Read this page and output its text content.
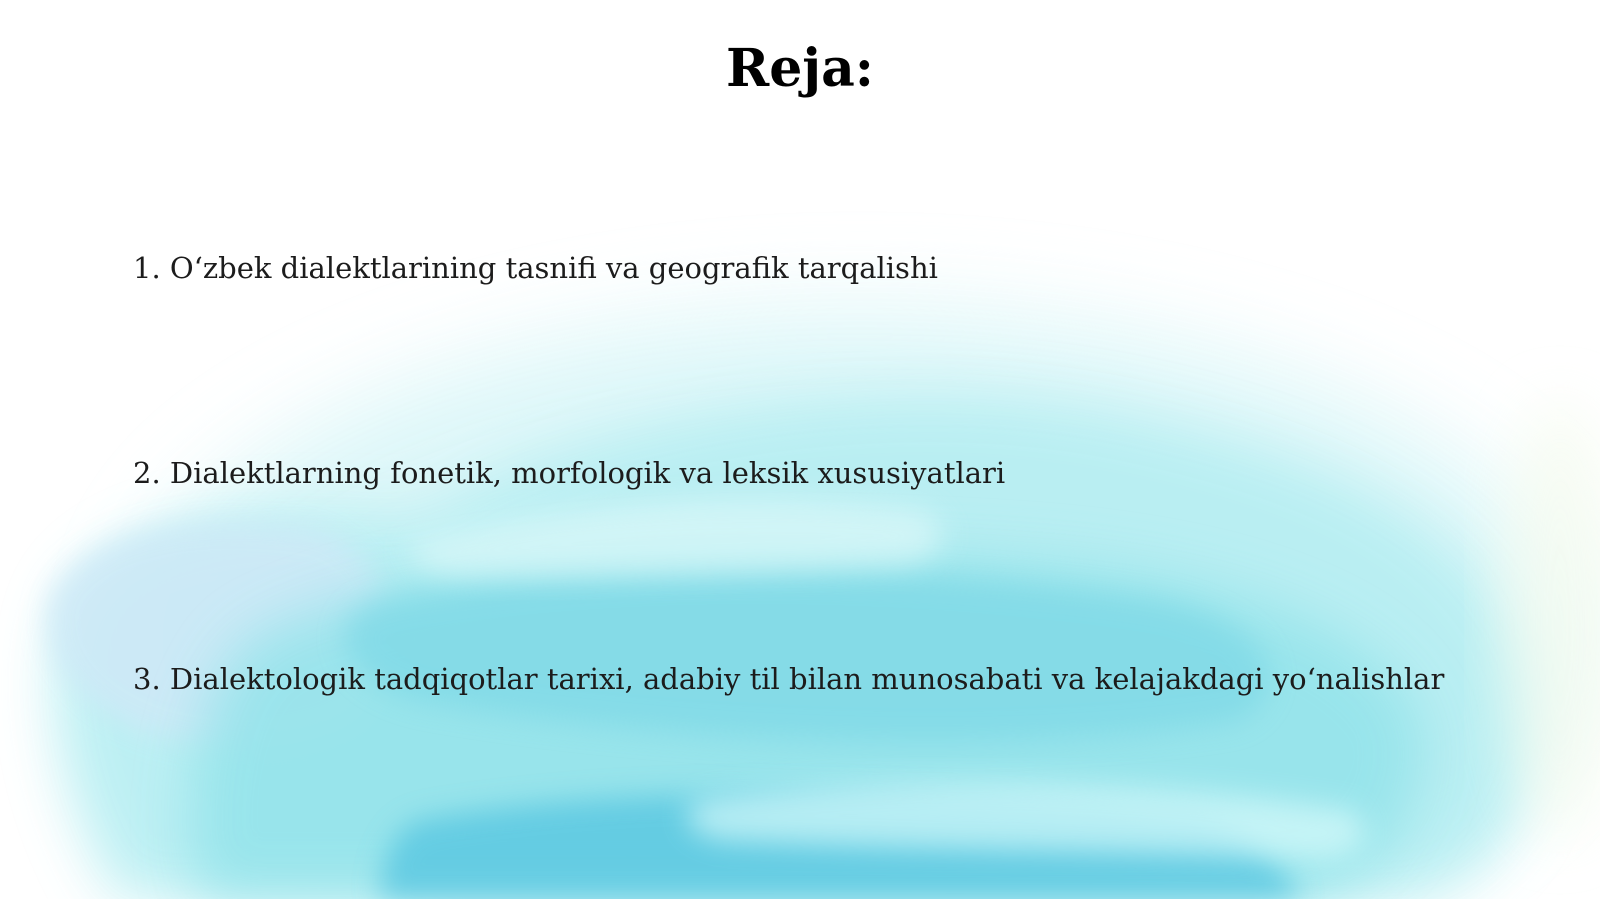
Reja:
1. O‘zbek dialektlarining tasnifi va geografik tarqalishi
2. Dialektlarning fonetik, morfologik va leksik xususiyatlari
3. Dialektologik tadqiqotlar tarixi, adabiy til bilan munosabati va kelajakdagi yo‘nalishlar
